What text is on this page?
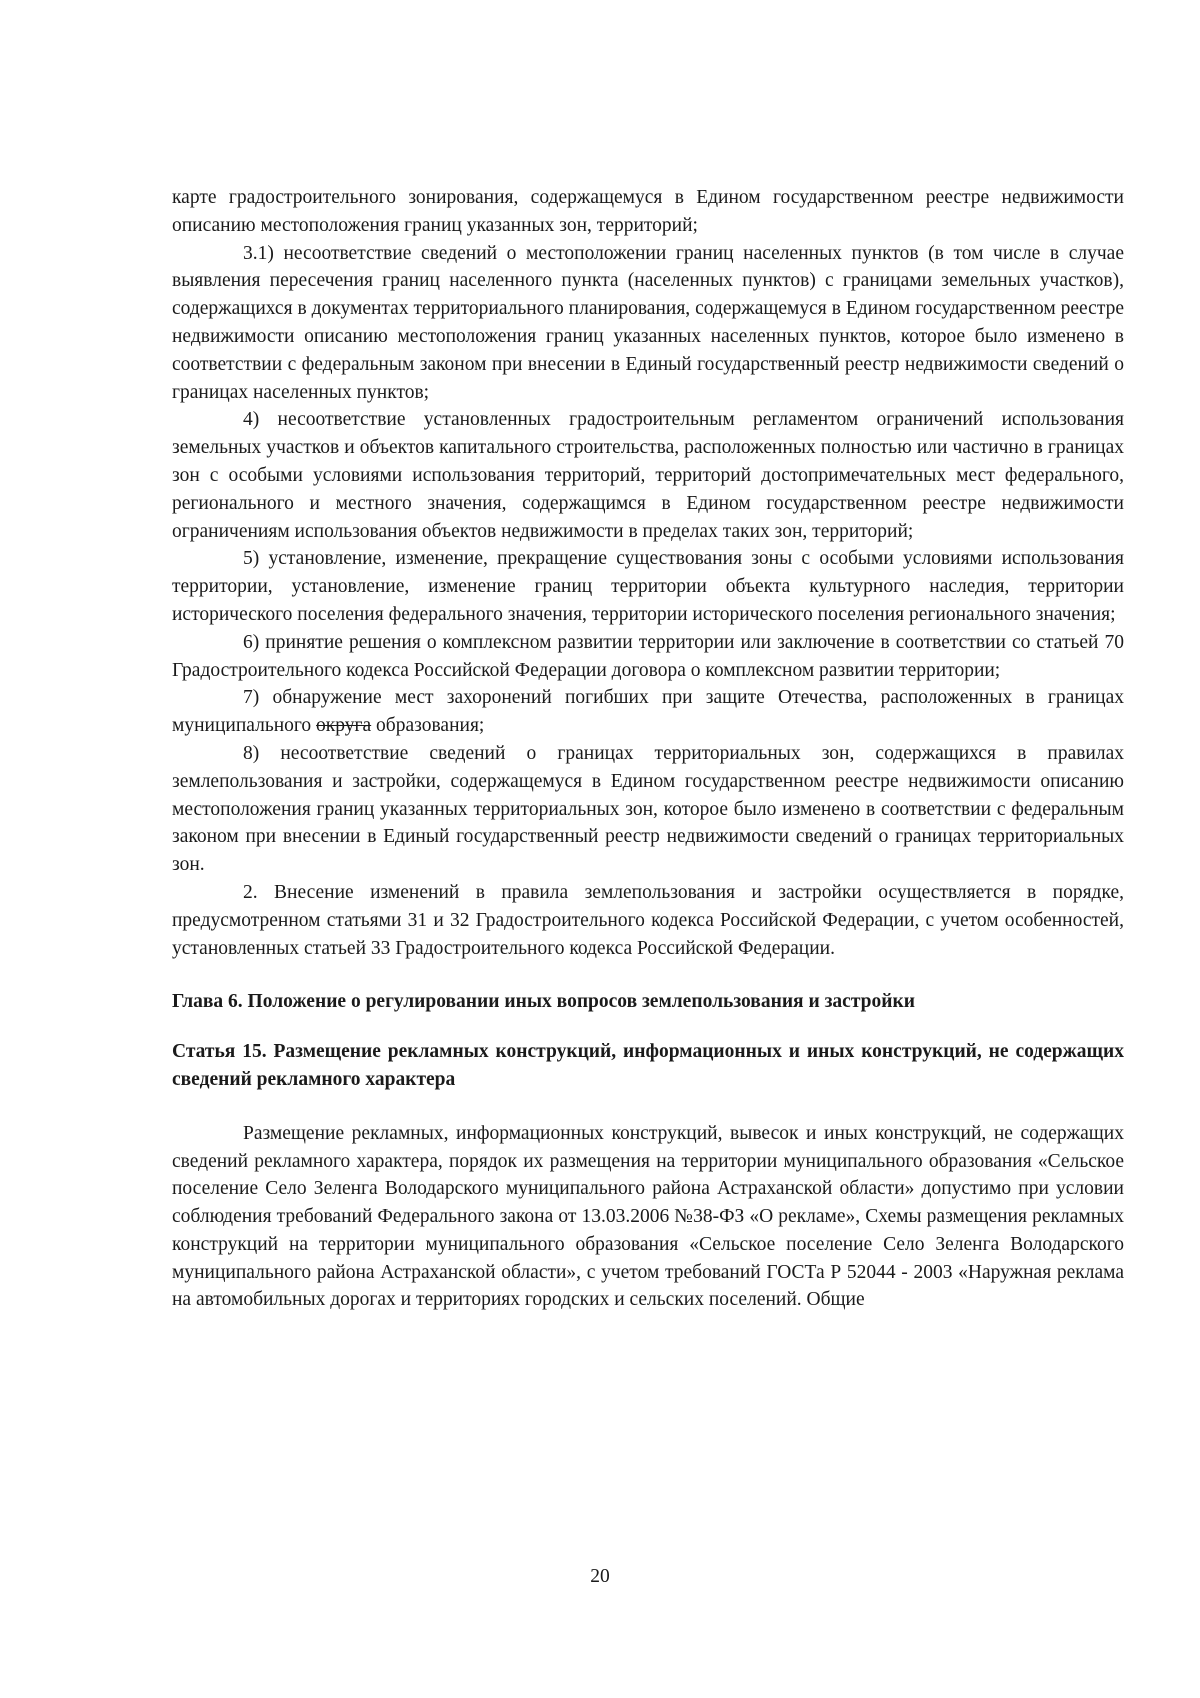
карте градостроительного зонирования, содержащемуся в Едином государственном реестре недвижимости описанию местоположения границ указанных зон, территорий;

3.1) несоответствие сведений о местоположении границ населенных пунктов (в том числе в случае выявления пересечения границ населенного пункта (населенных пунктов) с границами земельных участков), содержащихся в документах территориального планирования, содержащемуся в Едином государственном реестре недвижимости описанию местоположения границ указанных населенных пунктов, которое было изменено в соответствии с федеральным законом при внесении в Единый государственный реестр недвижимости сведений о границах населенных пунктов;

4) несоответствие установленных градостроительным регламентом ограничений использования земельных участков и объектов капитального строительства, расположенных полностью или частично в границах зон с особыми условиями использования территорий, территорий достопримечательных мест федерального, регионального и местного значения, содержащимся в Едином государственном реестре недвижимости ограничениям использования объектов недвижимости в пределах таких зон, территорий;

5) установление, изменение, прекращение существования зоны с особыми условиями использования территории, установление, изменение границ территории объекта культурного наследия, территории исторического поселения федерального значения, территории исторического поселения регионального значения;

6) принятие решения о комплексном развитии территории или заключение в соответствии со статьей 70 Градостроительного кодекса Российской Федерации договора о комплексном развитии территории;

7) обнаружение мест захоронений погибших при защите Отечества, расположенных в границах муниципального округа образования;

8) несоответствие сведений о границах территориальных зон, содержащихся в правилах землепользования и застройки, содержащемуся в Едином государственном реестре недвижимости описанию местоположения границ указанных территориальных зон, которое было изменено в соответствии с федеральным законом при внесении в Единый государственный реестр недвижимости сведений о границах территориальных зон.

2. Внесение изменений в правила землепользования и застройки осуществляется в порядке, предусмотренном статьями 31 и 32 Градостроительного кодекса Российской Федерации, с учетом особенностей, установленных статьей 33 Градостроительного кодекса Российской Федерации.

Глава 6. Положение о регулировании иных вопросов землепользования и застройки

Статья 15. Размещение рекламных конструкций, информационных и иных конструкций, не содержащих сведений рекламного характера

Размещение рекламных, информационных конструкций, вывесок и иных конструкций, не содержащих сведений рекламного характера, порядок их размещения на территории муниципального образования «Сельское поселение Село Зеленга Володарского муниципального района Астраханской области» допустимо при условии соблюдения требований Федерального закона от 13.03.2006 №38-ФЗ «О рекламе», Схемы размещения рекламных конструкций на территории муниципального образования «Сельское поселение Село Зеленга Володарского муниципального района Астраханской области», с учетом требований ГОСТа Р 52044 - 2003 «Наружная реклама на автомобильных дорогах и территориях городских и сельских поселений. Общие

20
